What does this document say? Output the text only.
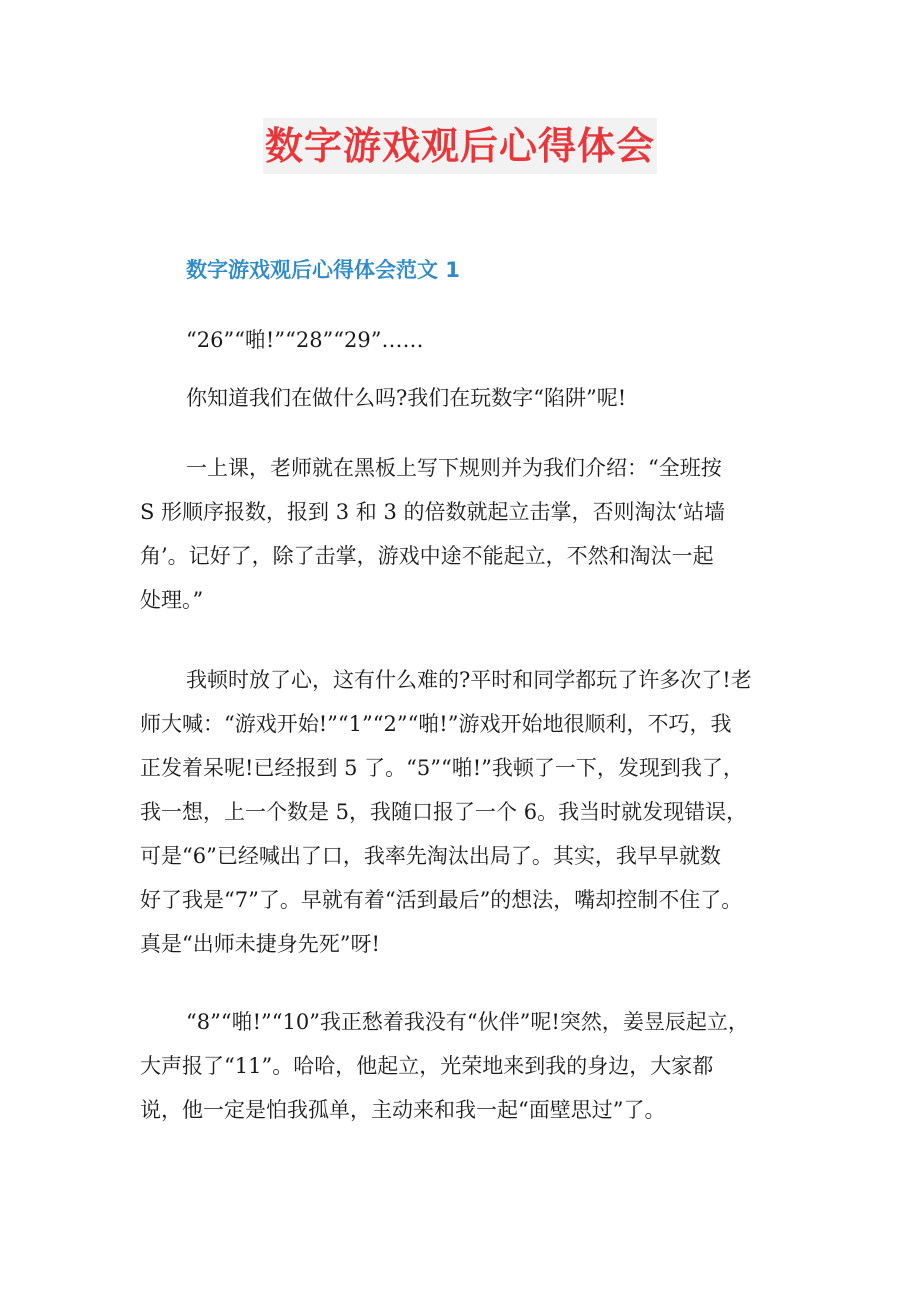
数字游戏观后心得体会
数字游戏观后心得体会范文 1
“26”“啪!”“28”“29”……
你知道我们在做什么吗?我们在玩数字“陷阱”呢!
一上课，老师就在黑板上写下规则并为我们介绍：“全班按
S 形顺序报数，报到 3 和 3 的倍数就起立击掌，否则淘汰‘站墙
角’。记好了，除了击掌，游戏中途不能起立，不然和淘汰一起
处理。”
我顿时放了心，这有什么难的?平时和同学都玩了许多次了!老
师大喊：“游戏开始!”“1”“2”“啪!”游戏开始地很顺利，不巧，我
正发着呆呢!已经报到 5 了。“5”“啪!”我顿了一下，发现到我了，
我一想，上一个数是 5，我随口报了一个 6。我当时就发现错误，
可是“6”已经喊出了口，我率先淘汰出局了。其实，我早早就数
好了我是“7”了。早就有着“活到最后”的想法，嘴却控制不住了。
真是“出师未捷身先死”呀!
“8”“啪!”“10”我正愁着我没有“伙伴”呢!突然，姜昱辰起立，
大声报了“11”。哈哈，他起立，光荣地来到我的身边，大家都
说，他一定是怕我孤单，主动来和我一起“面壁思过”了。
